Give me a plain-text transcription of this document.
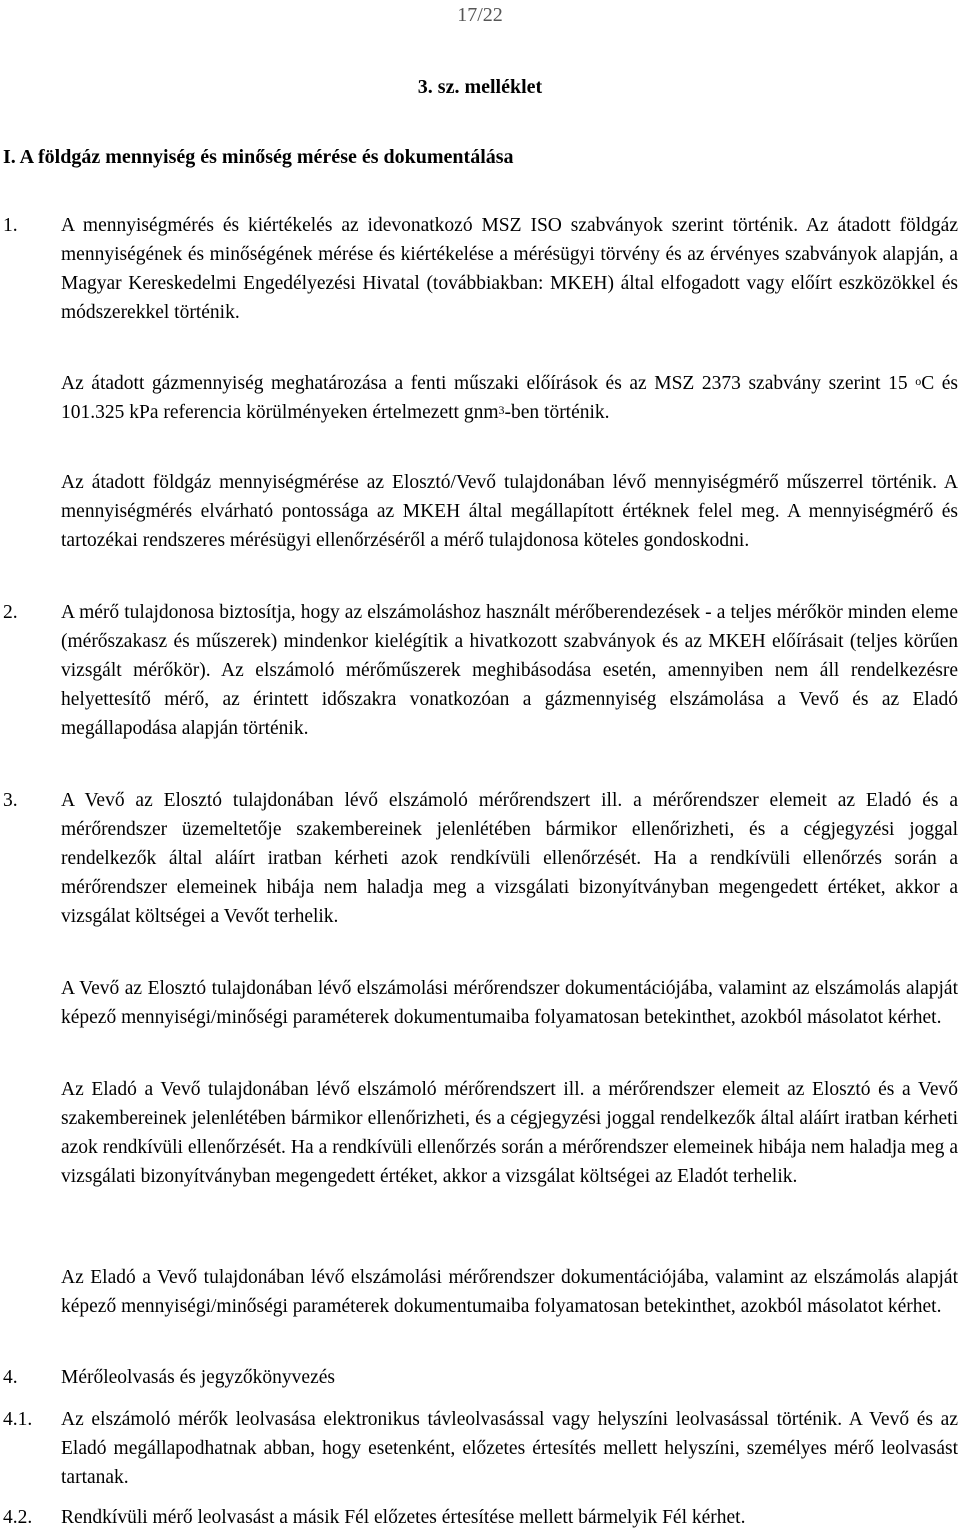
17/22
3. sz. melléklet
I. A földgáz mennyiség és minőség mérése és dokumentálása
1. A mennyiségmérés és kiértékelés az idevonatkozó MSZ ISO szabványok szerint történik. Az átadott földgáz mennyiségének és minőségének mérése és kiértékelése a mérésügyi törvény és az érvényes szabványok alapján, a Magyar Kereskedelmi Engedélyezési Hivatal (továbbiakban: MKEH) által elfogadott vagy előírt eszközökkel és módszerekkel történik.
Az átadott gázmennyiség meghatározása a fenti műszaki előírások és az MSZ 2373 szabvány szerint 15 $^o$C és 101.325 kPa referencia körülményeken értelmezett gnm$^3$-ben történik.
Az átadott földgáz mennyiségmérése az Elosztó/Vevő tulajdonában lévő mennyiségmérő műszerrel történik. A mennyiségmérés elvárható pontossága az MKEH által megállapított értéknek felel meg. A mennyiségmérő és tartozékai rendszeres mérésügyi ellenőrzéséről a mérő tulajdonosa köteles gondoskodni.
2. A mérő tulajdonosa biztosítja, hogy az elszámoláshoz használt mérőberendezések - a teljes mérőkör minden eleme (mérőszakasz és műszerek) mindenkor kielégítik a hivatkozott szabványok és az MKEH előírásait (teljes körűen vizsgált mérőkör). Az elszámoló mérőműszerek meghibásodása esetén, amennyiben nem áll rendelkezésre helyettesítő mérő, az érintett időszakra vonatkozóan a gázmennyiség elszámolása a Vevő és az Eladó megállapodása alapján történik.
3. A Vevő az Elosztó tulajdonában lévő elszámoló mérőrendszert ill. a mérőrendszer elemeit az Eladó és a mérőrendszer üzemeltetője szakembereinek jelenlétében bármikor ellenőrizheti, és a cégjegyzési joggal rendelkezők által aláírt iratban kérheti azok rendkívüli ellenőrzését. Ha a rendkívüli ellenőrzés során a mérőrendszer elemeinek hibája nem haladja meg a vizsgálati bizonyítványban megengedett értéket, akkor a vizsgálat költségei a Vevőt terhelik.
A Vevő az Elosztó tulajdonában lévő elszámolási mérőrendszer dokumentációjába, valamint az elszámolás alapját képező mennyiségi/minőségi paraméterek dokumentumaiba folyamatosan betekinthet, azokból másolatot kérhet.
Az Eladó a Vevő tulajdonában lévő elszámoló mérőrendszert ill. a mérőrendszer elemeit az Elosztó és a Vevő szakembereinek jelenlétében bármikor ellenőrizheti, és a cégjegyzési joggal rendelkezők által aláírt iratban kérheti azok rendkívüli ellenőrzését. Ha a rendkívüli ellenőrzés során a mérőrendszer elemeinek hibája nem haladja meg a vizsgálati bizonyítványban megengedett értéket, akkor a vizsgálat költségei az Eladót terhelik.
Az Eladó a Vevő tulajdonában lévő elszámolási mérőrendszer dokumentációjába, valamint az elszámolás alapját képező mennyiségi/minőségi paraméterek dokumentumaiba folyamatosan betekinthet, azokból másolatot kérhet.
4. Mérőleolvasás és jegyzőkönyvezés
4.1. Az elszámoló mérők leolvasása elektronikus távleolvasással vagy helyszíni leolvasással történik. A Vevő és az Eladó megállapodhatnak abban, hogy esetenként, előzetes értesítés mellett helyszíni, személyes mérő leolvasást tartanak.
4.2. Rendkívüli mérő leolvasást a másik Fél előzetes értesítése mellett bármelyik Fél kérhet.
